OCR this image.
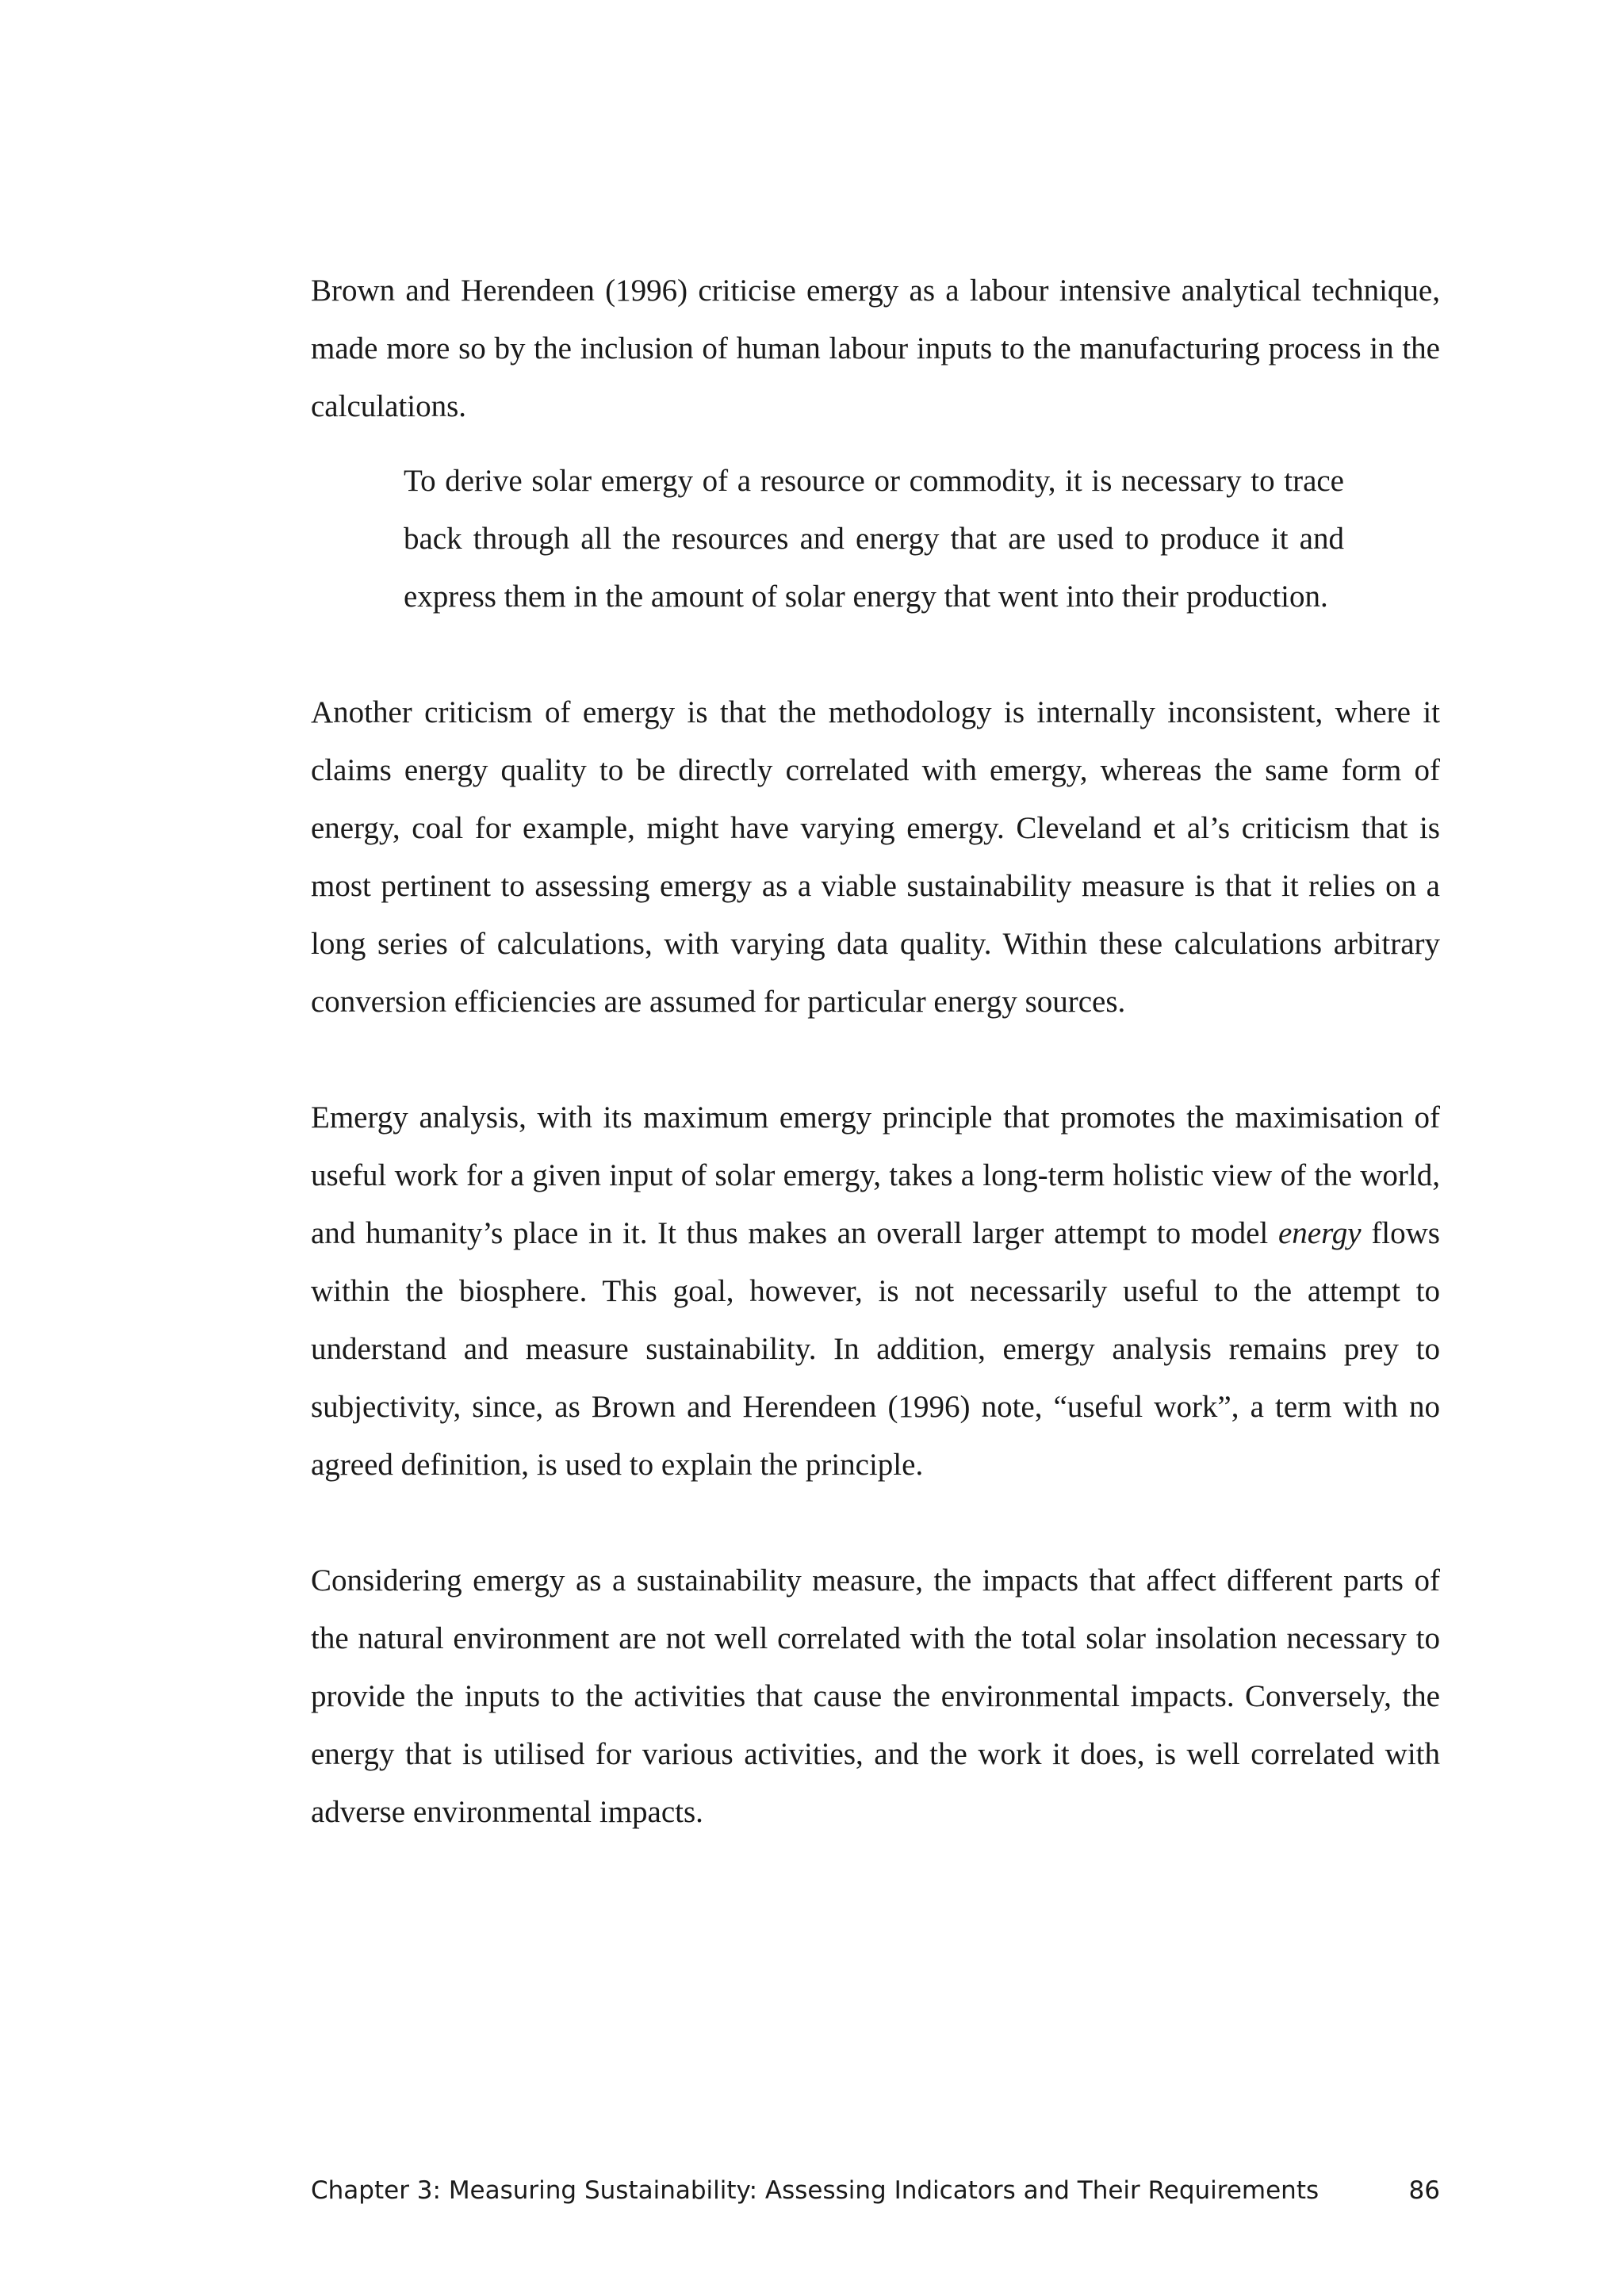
Brown and Herendeen (1996) criticise emergy as a labour intensive analytical technique, made more so by the inclusion of human labour inputs to the manufacturing process in the calculations.

To derive solar emergy of a resource or commodity, it is necessary to trace back through all the resources and energy that are used to produce it and express them in the amount of solar energy that went into their production.

Another criticism of emergy is that the methodology is internally inconsistent, where it claims energy quality to be directly correlated with emergy, whereas the same form of energy, coal for example, might have varying emergy. Cleveland et al’s criticism that is most pertinent to assessing emergy as a viable sustainability measure is that it relies on a long series of calculations, with varying data quality. Within these calculations arbitrary conversion efficiencies are assumed for particular energy sources.

Emergy analysis, with its maximum emergy principle that promotes the maximisation of useful work for a given input of solar emergy, takes a long-term holistic view of the world, and humanity’s place in it. It thus makes an overall larger attempt to model energy flows within the biosphere. This goal, however, is not necessarily useful to the attempt to understand and measure sustainability. In addition, emergy analysis remains prey to subjectivity, since, as Brown and Herendeen (1996) note, “useful work”, a term with no agreed definition, is used to explain the principle.

Considering emergy as a sustainability measure, the impacts that affect different parts of the natural environment are not well correlated with the total solar insolation necessary to provide the inputs to the activities that cause the environmental impacts. Conversely, the energy that is utilised for various activities, and the work it does, is well correlated with adverse environmental impacts.

Chapter 3: Measuring Sustainability: Assessing Indicators and Their Requirements	86
